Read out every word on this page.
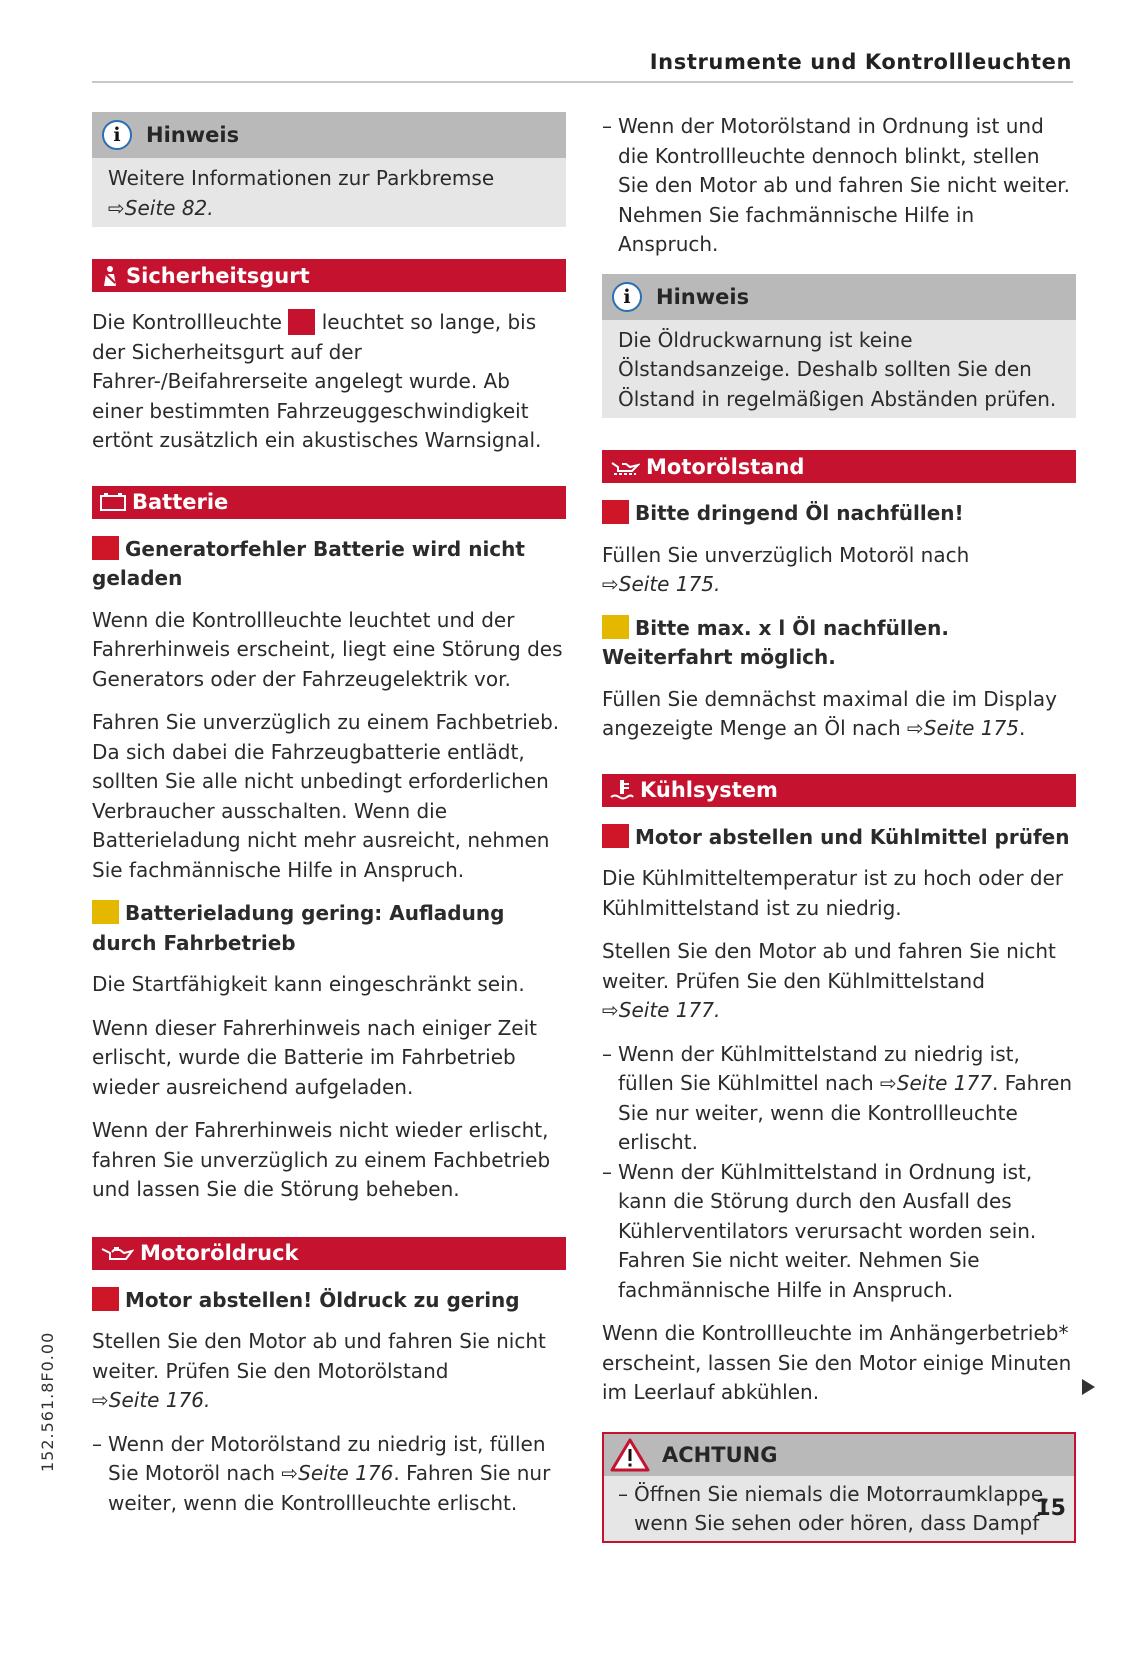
Instrumente und Kontrollleuchten
i	Hinweis
Weitere Informationen zur Parkbremse
⇨Seite 82.
Sicherheitsgurt

Die Kontrollleuchte  leuchtet so lange, bis der Sicherheitsgurt auf der Fahrer-/Beifahrerseite angelegt wurde. Ab einer bestimmten Fahrzeuggeschwindigkeit ertönt zusätzlich ein akustisches Warnsignal.

Batterie
Generatorfehler Batterie wird nicht geladen

Wenn die Kontrollleuchte leuchtet und der Fahrerhinweis erscheint, liegt eine Störung des Generators oder der Fahrzeugelektrik vor.

Fahren Sie unverzüglich zu einem Fachbetrieb. Da sich dabei die Fahrzeugbatterie entlädt, sollten Sie alle nicht unbedingt erforderlichen Verbraucher ausschalten. Wenn die Batterieladung nicht mehr ausreicht, nehmen Sie fachmännische Hilfe in Anspruch.

Batterieladung gering: Aufladung durch Fahrbetrieb

Die Startfähigkeit kann eingeschränkt sein.

Wenn dieser Fahrerhinweis nach einiger Zeit erlischt, wurde die Batterie im Fahrbetrieb wieder ausreichend aufgeladen.

Wenn der Fahrerhinweis nicht wieder erlischt, fahren Sie unverzüglich zu einem Fachbetrieb und lassen Sie die Störung beheben.

Motoröldruck
Motor abstellen! Öldruck zu gering

Stellen Sie den Motor ab und fahren Sie nicht weiter. Prüfen Sie den Motorölstand
⇨Seite 176.

– Wenn der Motorölstand zu niedrig ist, füllen Sie Motoröl nach ⇨Seite 176. Fahren Sie nur weiter, wenn die Kontrollleuchte erlischt.
– Wenn der Motorölstand in Ordnung ist und die Kontrollleuchte dennoch blinkt, stellen Sie den Motor ab und fahren Sie nicht weiter. Nehmen Sie fachmännische Hilfe in Anspruch.
i	Hinweis
Die Öldruckwarnung ist keine Ölstandsanzeige. Deshalb sollten Sie den Ölstand in regelmäßigen Abständen prüfen.
Motorölstand
Bitte dringend Öl nachfüllen!

Füllen Sie unverzüglich Motoröl nach
⇨Seite 175.

Bitte max. x l Öl nachfüllen. Weiterfahrt möglich.

Füllen Sie demnächst maximal die im Display angezeigte Menge an Öl nach ⇨Seite 175.

Kühlsystem
Motor abstellen und Kühlmittel prüfen

Die Kühlmitteltemperatur ist zu hoch oder der Kühlmittelstand ist zu niedrig.

Stellen Sie den Motor ab und fahren Sie nicht weiter. Prüfen Sie den Kühlmittelstand
⇨Seite 177.

– Wenn der Kühlmittelstand zu niedrig ist, füllen Sie Kühlmittel nach ⇨Seite 177. Fahren Sie nur weiter, wenn die Kontrollleuchte erlischt.
– Wenn der Kühlmittelstand in Ordnung ist, kann die Störung durch den Ausfall des Kühlerventilators verursacht worden sein. Fahren Sie nicht weiter. Nehmen Sie fachmännische Hilfe in Anspruch.

Wenn die Kontrollleuchte im Anhängerbetrieb* erscheint, lassen Sie den Motor einige Minuten im Leerlauf abkühlen.

ACHTUNG
– Öffnen Sie niemals die Motorraumklappe, wenn Sie sehen oder hören, dass Dampf
152.561.8F0.00
15
